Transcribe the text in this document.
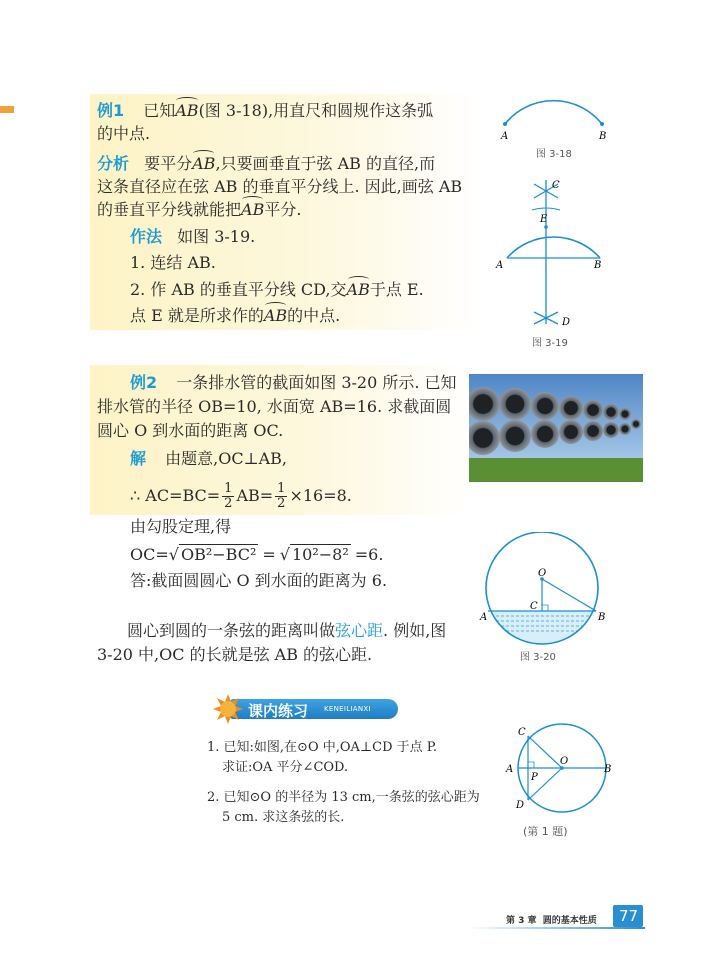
例1 已知AB(图 3-18),用直尺和圆规作这条弧
的中点.
分析 要平分AB,只要画垂直于弦 AB 的直径,而
这条直径应在弦 AB 的垂直平分线上. 因此,画弦 AB
的垂直平分线就能把AB平分.
作法 如图 3-19.
1. 连结 AB.
2. 作 AB 的垂直平分线 CD,交AB于点 E.
点 E 就是所求作的AB的中点.
A	B
图 3-18
C
E
A	B
D
图 3-19
例2 一条排水管的截面如图 3-20 所示. 已知
排水管的半径 OB=10, 水面宽 AB=16. 求截面圆
圆心 O 到水面的距离 OC.
解 由题意,OC⊥AB,
∴ $AC=BC= \frac{1}{2} AB= \frac{1}{2} \times 16=8$.
由勾股定理,得
OC=√ OB²−BC² = √ 10²−8² =6.
答:截面圆圆心 O 到水面的距离为 6.	O
C
A	B
图 3-20
圆心到圆的一条弦的距离叫做弦心距. 例如,图
3-20 中,OC 的长就是弦 AB 的弦心距.
课内练习 KENEILIANXI
1. 已知:如图,在⊙O 中,OA⊥CD 于点 P.
求证:OA 平分∠COD.
2. 已知⊙O 的半径为 13 cm,一条弦的弦心距为
5 cm. 求这条弦的长.
C
A
P
O
B
D
(第 1 题)
第 3 章  圆的基本性质 77
